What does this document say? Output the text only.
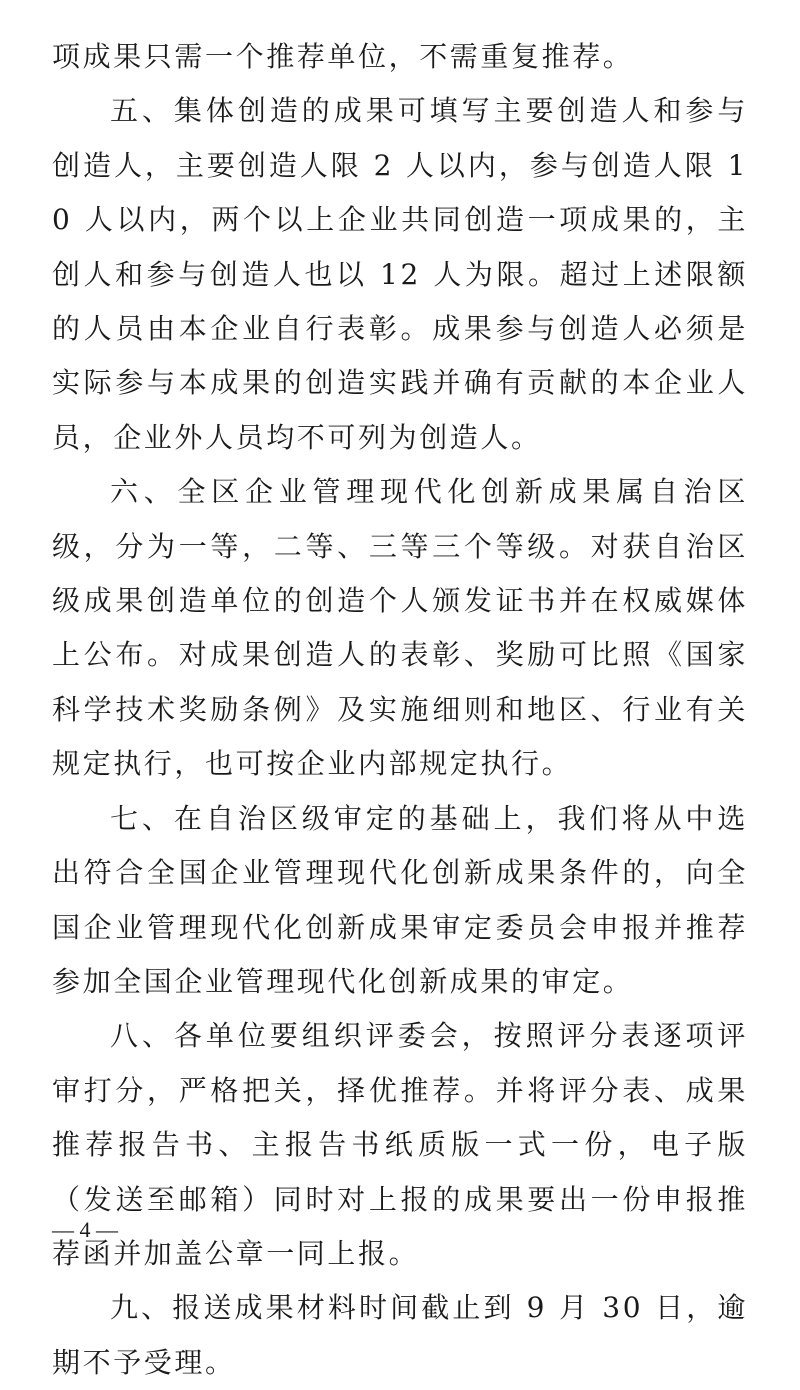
项成果只需一个推荐单位，不需重复推荐。

五、集体创造的成果可填写主要创造人和参与创造人，主要创造人限 2 人以内，参与创造人限 10 人以内，两个以上企业共同创造一项成果的，主创人和参与创造人也以 12 人为限。超过上述限额的人员由本企业自行表彰。成果参与创造人必须是实际参与本成果的创造实践并确有贡献的本企业人员，企业外人员均不可列为创造人。

六、全区企业管理现代化创新成果属自治区级，分为一等，二等、三等三个等级。对获自治区级成果创造单位的创造个人颁发证书并在权威媒体上公布。对成果创造人的表彰、奖励可比照《国家科学技术奖励条例》及实施细则和地区、行业有关规定执行，也可按企业内部规定执行。

七、在自治区级审定的基础上，我们将从中选出符合全国企业管理现代化创新成果条件的，向全国企业管理现代化创新成果审定委员会申报并推荐参加全国企业管理现代化创新成果的审定。

八、各单位要组织评委会，按照评分表逐项评审打分，严格把关，择优推荐。并将评分表、成果推荐报告书、主报告书纸质版一式一份，电子版（发送至邮箱）同时对上报的成果要出一份申报推荐函并加盖公章一同上报。

九、报送成果材料时间截止到 9 月 30 日，逾期不予受理。

— 4 —
